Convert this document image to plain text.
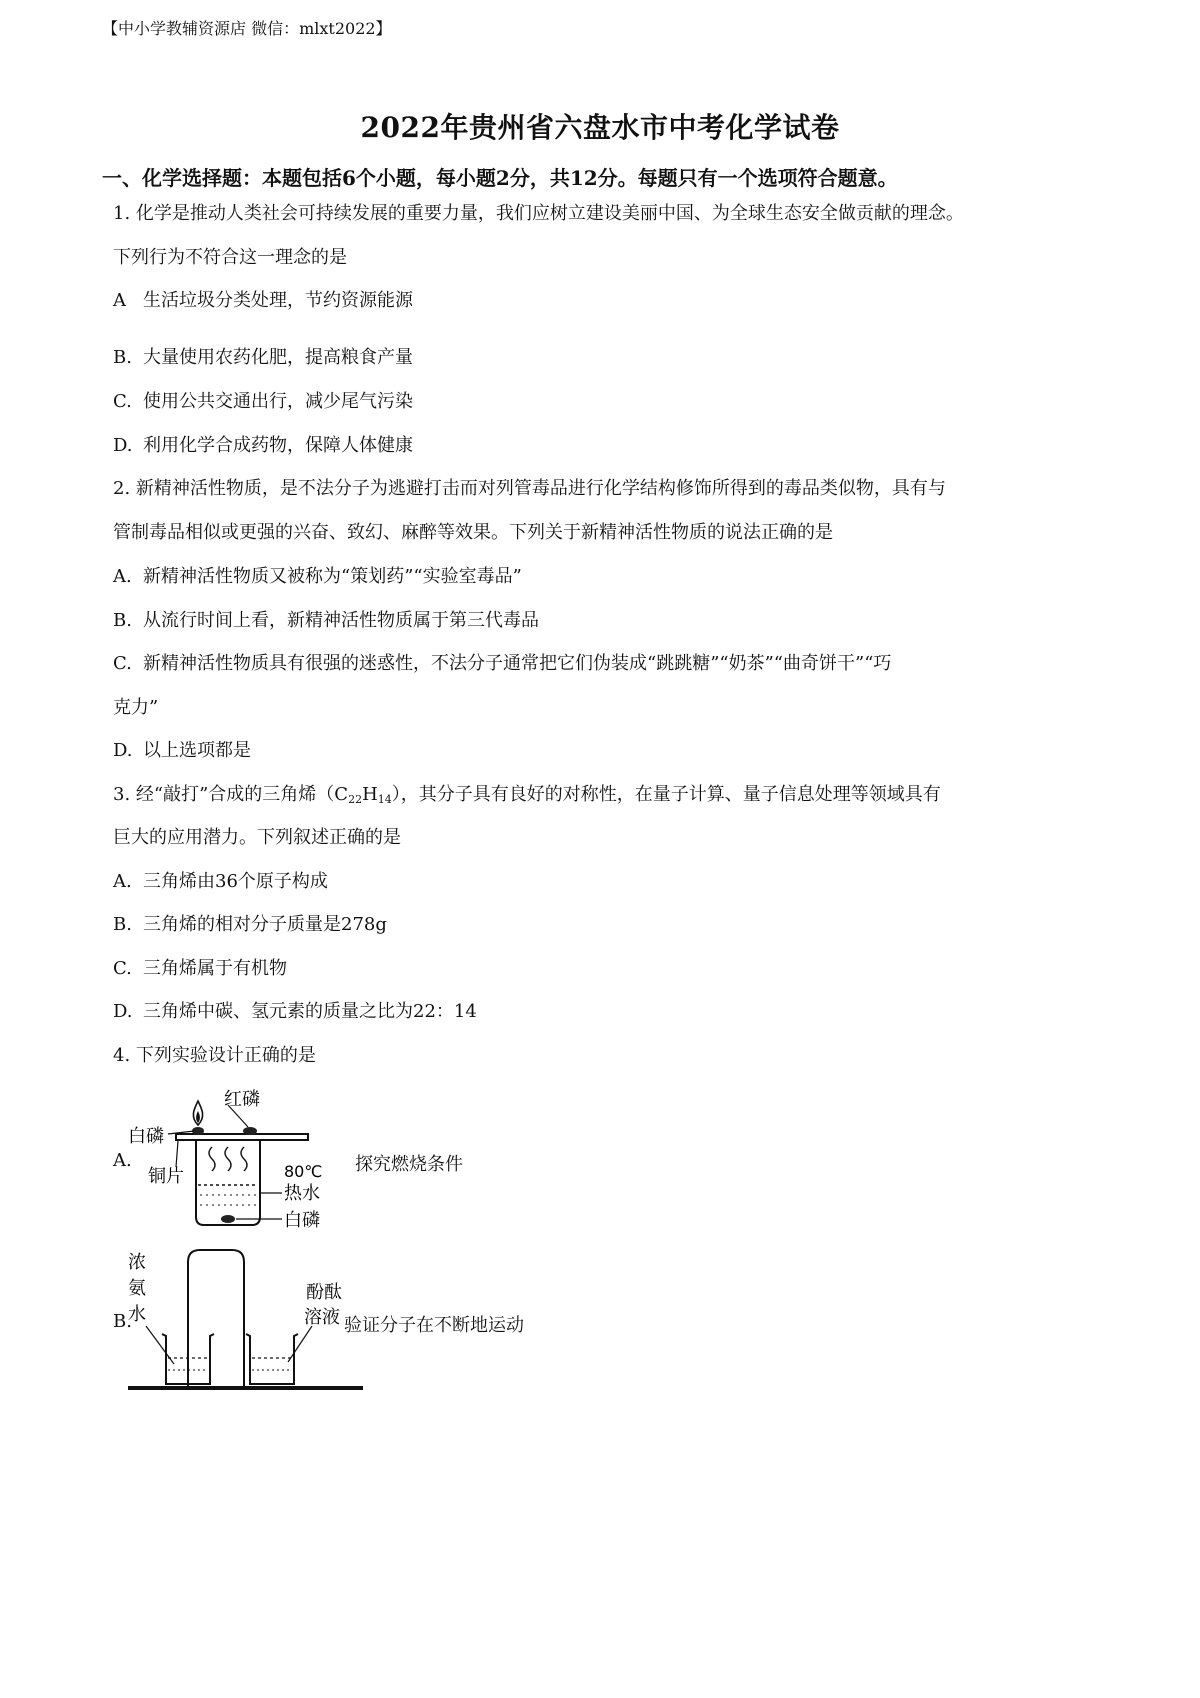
【中小学教辅资源店 微信：mlxt2022】
2022年贵州省六盘水市中考化学试卷
一、化学选择题：本题包括6个小题，每小题2分，共12分。每题只有一个选项符合题意。
1. 化学是推动人类社会可持续发展的重要力量，我们应树立建设美丽中国、为全球生态安全做贡献的理念。
下列行为不符合这一理念的是
A 生活垃圾分类处理，节约资源能源
B. 大量使用农药化肥，提高粮食产量
C. 使用公共交通出行，减少尾气污染
D. 利用化学合成药物，保障人体健康
2. 新精神活性物质，是不法分子为逃避打击而对列管毒品进行化学结构修饰所得到的毒品类似物，具有与
管制毒品相似或更强的兴奋、致幻、麻醉等效果。下列关于新精神活性物质的说法正确的是
A. 新精神活性物质又被称为“策划药”“实验室毒品”
B. 从流行时间上看，新精神活性物质属于第三代毒品
C. 新精神活性物质具有很强的迷惑性，不法分子通常把它们伪装成“跳跳糖”“奶茶”“曲奇饼干”“巧
克力”
D. 以上选项都是
3. 经“敲打”合成的三角烯$(C_{22}H_{14})$，其分子具有良好的对称性，在量子计算、量子信息处理等领域具有
巨大的应用潜力。下列叙述正确的是
A. 三角烯由36个原子构成
B. 三角烯的相对分子质量是278g
C. 三角烯属于有机物
D. 三角烯中碳、氢元素的质量之比为22：14
4. 下列实验设计正确的是
A.
红磷
白磷
铜片	80℃
热水
白磷
探究燃烧条件
B.
浓
氨
水
酚酞
溶液 验证分子在不断地运动
